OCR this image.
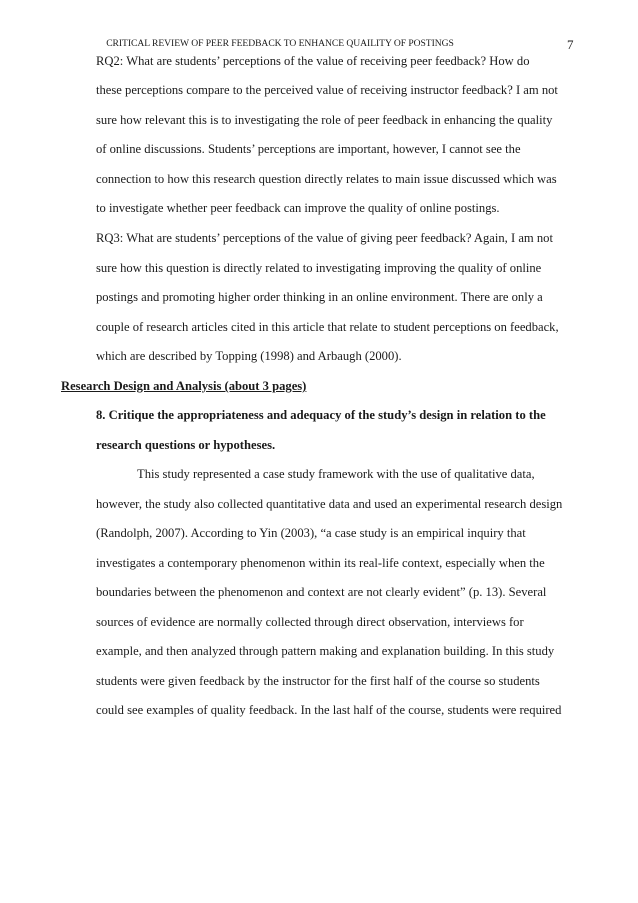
CRITICAL REVIEW OF PEER FEEDBACK TO ENHANCE QUAILITY OF POSTINGS	7
RQ2: What are students’ perceptions of the value of receiving peer feedback? How do
these perceptions compare to the perceived value of receiving instructor feedback? I am not
sure how relevant this is to investigating the role of peer feedback in enhancing the quality
of online discussions. Students’ perceptions are important, however, I cannot see the
connection to how this research question directly relates to main issue discussed which was
to investigate whether peer feedback can improve the quality of online postings.
RQ3: What are students’ perceptions of the value of giving peer feedback? Again, I am not
sure how this question is directly related to investigating improving the quality of online
postings and promoting higher order thinking in an online environment. There are only a
couple of research articles cited in this article that relate to student perceptions on feedback,
which are described by Topping (1998) and Arbaugh (2000).
Research Design and Analysis (about 3 pages)
8. Critique the appropriateness and adequacy of the study’s design in relation to the
research questions or hypotheses.
This study represented a case study framework with the use of qualitative data,
however, the study also collected quantitative data and used an experimental research design
(Randolph, 2007). According to Yin (2003), “a case study is an empirical inquiry that
investigates a contemporary phenomenon within its real-life context, especially when the
boundaries between the phenomenon and context are not clearly evident” (p. 13). Several
sources of evidence are normally collected through direct observation, interviews for
example, and then analyzed through pattern making and explanation building. In this study
students were given feedback by the instructor for the first half of the course so students
could see examples of quality feedback. In the last half of the course, students were required
